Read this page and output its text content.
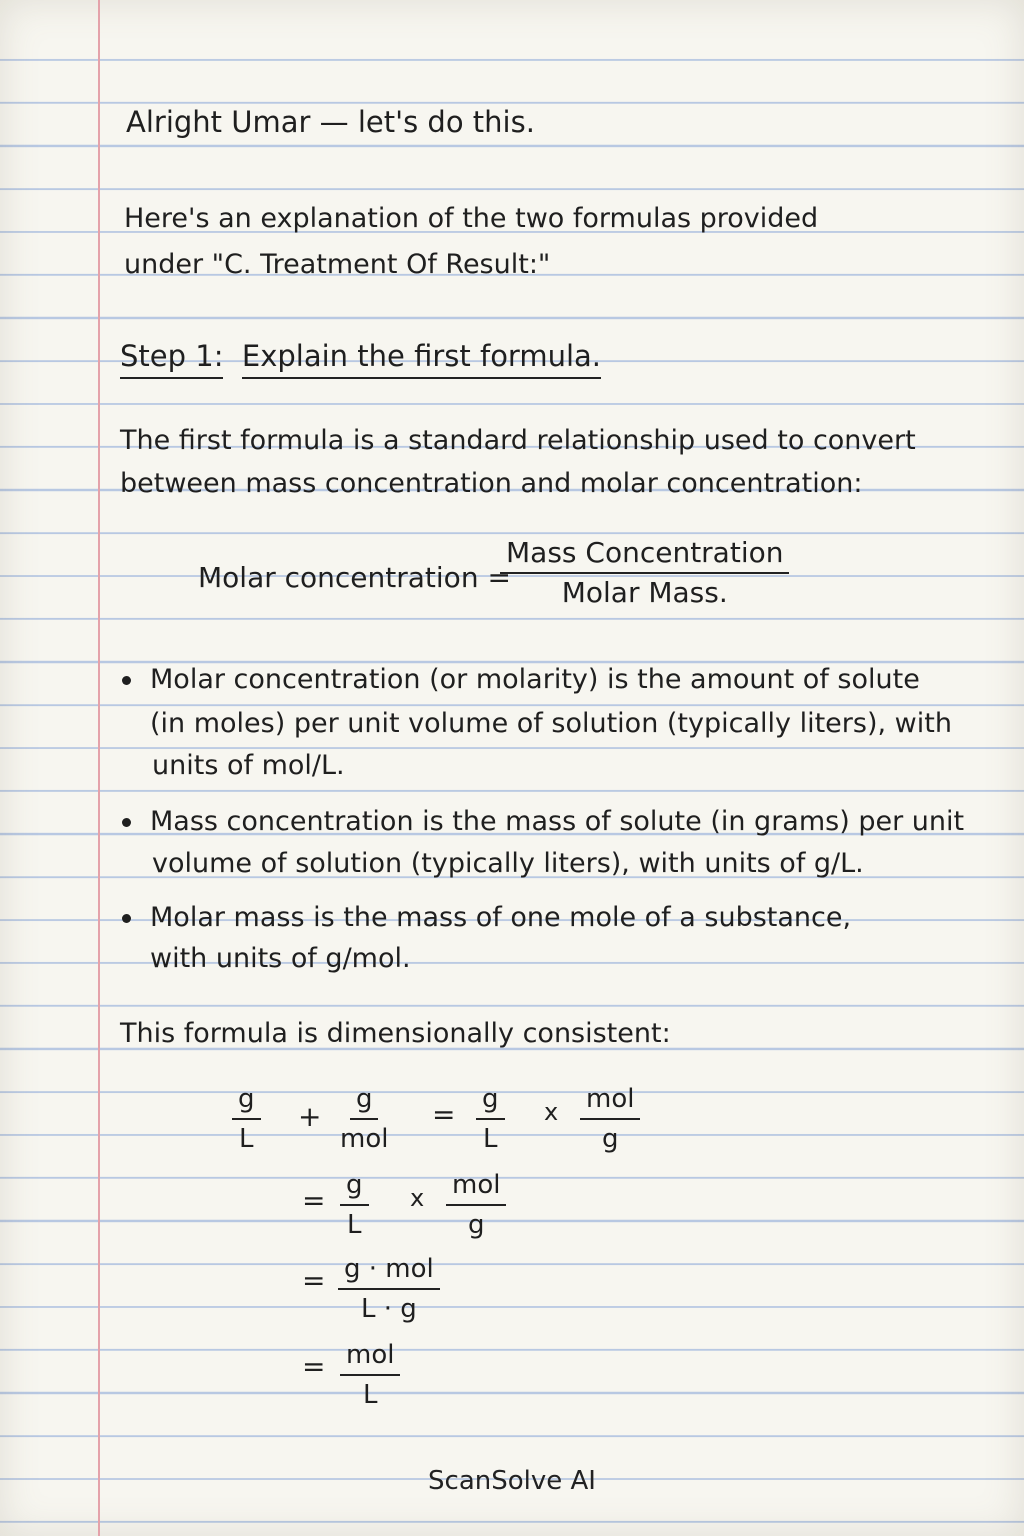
Alright Umar — let's do this.
Here's an explanation of the two formulas provided
under "C. Treatment Of Result:"
Step 1: Explain the first formula.
The first formula is a standard relationship used to convert
between mass concentration and molar concentration:
Molar concentration =
Mass Concentration
Molar Mass.
Molar concentration (or molarity) is the amount of solute
(in moles) per unit volume of solution (typically liters), with
units of mol/L.
Mass concentration is the mass of solute (in grams) per unit
volume of solution (typically liters), with units of g/L.
Molar mass is the mass of one mole of a substance,
with units of g/mol.
This formula is dimensionally consistent:
$\frac{g}{L}$ +
g
mol
= $\frac{g}{L}$ x mol
g
= $\frac{g}{L}$ x mol
g
= g · mol
L · g
= mol
L
ScanSolve AI
